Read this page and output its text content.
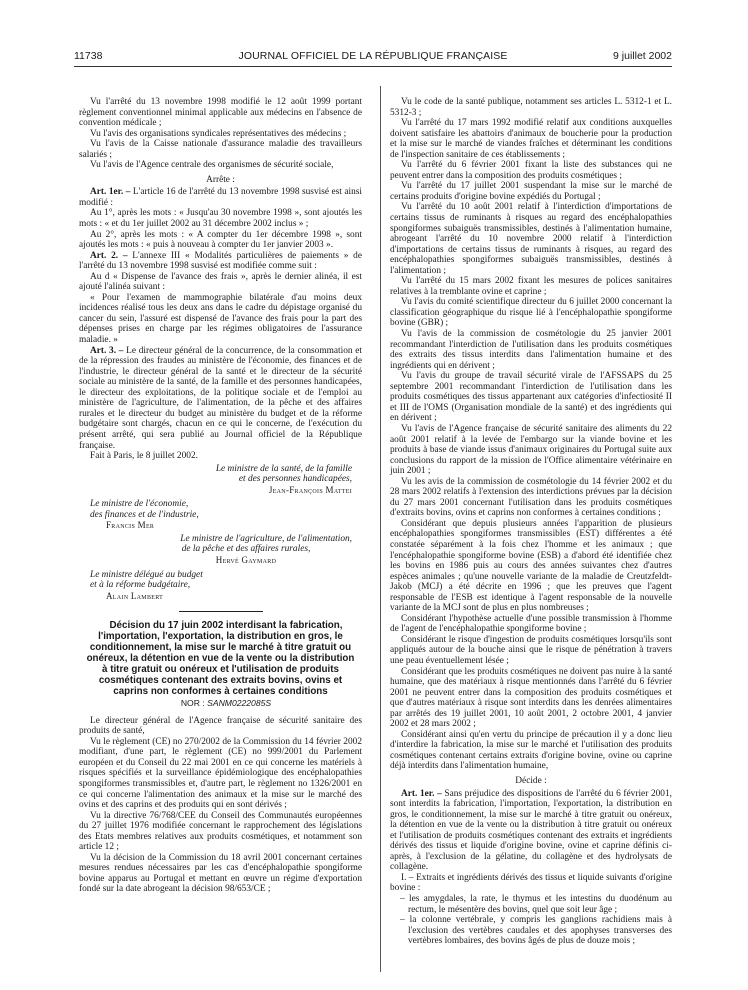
11738	JOURNAL OFFICIEL DE LA RÉPUBLIQUE FRANÇAISE	9 juillet 2002

Vu l'arrêté du 13 novembre 1998 modifié le 12 août 1999 portant règlement conventionnel minimal applicable aux médecins en l'absence de convention médicale ;

Vu l'avis des organisations syndicales représentatives des médecins ;

Vu l'avis de la Caisse nationale d'assurance maladie des travailleurs salariés ;

Vu l'avis de l'Agence centrale des organismes de sécurité sociale,

Arrête :

Art. 1er. – L'article 16 de l'arrêté du 13 novembre 1998 susvisé est ainsi modifié :

Au 1°, après les mots : « Jusqu'au 30 novembre 1998 », sont ajoutés les mots : « et du 1er juillet 2002 au 31 décembre 2002 inclus » ;

Au 2°, après les mots : « A compter du 1er décembre 1998 », sont ajoutés les mots : « puis à nouveau à compter du 1er janvier 2003 ».

Art. 2. – L'annexe III « Modalités particulières de paiements » de l'arrêté du 13 novembre 1998 susvisé est modifiée comme suit :

Au d « Dispense de l'avance des frais », après le dernier alinéa, il est ajouté l'alinéa suivant :

« Pour l'examen de mammographie bilatérale d'au moins deux incidences réalisé tous les deux ans dans le cadre du dépistage organisé du cancer du sein, l'assuré est dispensé de l'avance des frais pour la part des dépenses prises en charge par les régimes obligatoires de l'assurance maladie. »

Art. 3. – Le directeur général de la concurrence, de la consommation et de la répression des fraudes au ministère de l'économie, des finances et de l'industrie, le directeur général de la santé et le directeur de la sécurité sociale au ministère de la santé, de la famille et des personnes handicapées, le directeur des exploitations, de la politique sociale et de l'emploi au ministère de l'agriculture, de l'alimentation, de la pêche et des affaires rurales et le directeur du budget au ministère du budget et de la réforme budgétaire sont chargés, chacun en ce qui le concerne, de l'exécution du présent arrêté, qui sera publié au Journal officiel de la République française.

Fait à Paris, le 8 juillet 2002.

Le ministre de la santé, de la famille

et des personnes handicapées,

Jean-François Mattei

Le ministre de l'économie,

des finances et de l'industrie,

Francis Mer

Le ministre de l'agriculture, de l'alimentation,

de la pêche et des affaires rurales,

Hervé Gaymard

Le ministre délégué au budget

et à la réforme budgétaire,

Alain Lambert

Décision du 17 juin 2002 interdisant la fabrication, l'importation, l'exportation, la distribution en gros, le conditionnement, la mise sur le marché à titre gratuit ou onéreux, la détention en vue de la vente ou la distribution à titre gratuit ou onéreux et l'utilisation de produits cosmétiques contenant des extraits bovins, ovins et caprins non conformes à certaines conditions

NOR : SANM0222085S

Le directeur général de l'Agence française de sécurité sanitaire des produits de santé,

Vu le règlement (CE) no 270/2002 de la Commission du 14 février 2002 modifiant, d'une part, le règlement (CE) no 999/2001 du Parlement européen et du Conseil du 22 mai 2001 en ce qui concerne les matériels à risques spécifiés et la surveillance épidémiologique des encéphalopathies spongiformes transmissibles et, d'autre part, le règlement no 1326/2001 en ce qui concerne l'alimentation des animaux et la mise sur le marché des ovins et des caprins et des produits qui en sont dérivés ;

Vu la directive 76/768/CEE du Conseil des Communautés européennes du 27 juillet 1976 modifiée concernant le rapprochement des législations des Etats membres relatives aux produits cosmétiques, et notamment son article 12 ;

Vu la décision de la Commission du 18 avril 2001 concernant certaines mesures rendues nécessaires par les cas d'encéphalopathie spongiforme bovine apparus au Portugal et mettant en œuvre un régime d'exportation fondé sur la date abrogeant la décision 98/653/CE ;

Vu le code de la santé publique, notamment ses articles L. 5312-1 et L. 5312-3 ;

Vu l'arrêté du 17 mars 1992 modifié relatif aux conditions auxquelles doivent satisfaire les abattoirs d'animaux de boucherie pour la production et la mise sur le marché de viandes fraîches et déterminant les conditions de l'inspection sanitaire de ces établissements ;

Vu l'arrêté du 6 février 2001 fixant la liste des substances qui ne peuvent entrer dans la composition des produits cosmétiques ;

Vu l'arrêté du 17 juillet 2001 suspendant la mise sur le marché de certains produits d'origine bovine expédiés du Portugal ;

Vu l'arrêté du 10 août 2001 relatif à l'interdiction d'importations de certains tissus de ruminants à risques au regard des encéphalopathies spongiformes subaiguës transmissibles, destinés à l'alimentation humaine, abrogeant l'arrêté du 10 novembre 2000 relatif à l'interdiction d'importations de certains tissus de ruminants à risques, au regard des encéphalopathies spongiformes subaiguës transmissibles, destinés à l'alimentation ;

Vu l'arrêté du 15 mars 2002 fixant les mesures de polices sanitaires relatives à la tremblante ovine et caprine ;

Vu l'avis du comité scientifique directeur du 6 juillet 2000 concernant la classification géographique du risque lié à l'encéphalopathie spongiforme bovine (GBR) ;

Vu l'avis de la commission de cosmétologie du 25 janvier 2001 recommandant l'interdiction de l'utilisation dans les produits cosmétiques des extraits des tissus interdits dans l'alimentation humaine et des ingrédients qui en dérivent ;

Vu l'avis du groupe de travail sécurité virale de l'AFSSAPS du 25 septembre 2001 recommandant l'interdiction de l'utilisation dans les produits cosmétiques des tissus appartenant aux catégories d'infectiosité II et III de l'OMS (Organisation mondiale de la santé) et des ingrédients qui en dérivent ;

Vu l'avis de l'Agence française de sécurité sanitaire des aliments du 22 août 2001 relatif à la levée de l'embargo sur la viande bovine et les produits à base de viande issus d'animaux originaires du Portugal suite aux conclusions du rapport de la mission de l'Office alimentaire vétérinaire en juin 2001 ;

Vu les avis de la commission de cosmétologie du 14 février 2002 et du 28 mars 2002 relatifs à l'extension des interdictions prévues par la décision du 27 mars 2001 concernant l'utilisation dans les produits cosmétiques d'extraits bovins, ovins et caprins non conformes à certaines conditions ;

Considérant que depuis plusieurs années l'apparition de plusieurs encéphalopathies spongiformes transmissibles (EST) différentes a été constatée séparément à la fois chez l'homme et les animaux ; que l'encéphalopathie spongiforme bovine (ESB) a d'abord été identifiée chez les bovins en 1986 puis au cours des années suivantes chez d'autres espèces animales ; qu'une nouvelle variante de la maladie de Creutzfeldt-Jakob (MCJ) a été décrite en 1996 ; que les preuves que l'agent responsable de l'ESB est identique à l'agent responsable de la nouvelle variante de la MCJ sont de plus en plus nombreuses ;

Considérant l'hypothèse actuelle d'une possible transmission à l'homme de l'agent de l'encéphalopathie spongiforme bovine ;

Considérant le risque d'ingestion de produits cosmétiques lorsqu'ils sont appliqués autour de la bouche ainsi que le risque de pénétration à travers une peau éventuellement lésée ;

Considérant que les produits cosmétiques ne doivent pas nuire à la santé humaine, que des matériaux à risque mentionnés dans l'arrêté du 6 février 2001 ne peuvent entrer dans la composition des produits cosmétiques et que d'autres matériaux à risque sont interdits dans les denrées alimentaires par arrêtés des 19 juillet 2001, 10 août 2001, 2 octobre 2001, 4 janvier 2002 et 28 mars 2002 ;

Considérant ainsi qu'en vertu du principe de précaution il y a donc lieu d'interdire la fabrication, la mise sur le marché et l'utilisation des produits cosmétiques contenant certains extraits d'origine bovine, ovine ou caprine déjà interdits dans l'alimentation humaine,

Décide :

Art. 1er. – Sans préjudice des dispositions de l'arrêté du 6 février 2001, sont interdits la fabrication, l'importation, l'exportation, la distribution en gros, le conditionnement, la mise sur le marché à titre gratuit ou onéreux, la détention en vue de la vente ou la distribution à titre gratuit ou onéreux et l'utilisation de produits cosmétiques contenant des extraits et ingrédients dérivés des tissus et liquide d'origine bovine, ovine et caprine définis ci-après, à l'exclusion de la gélatine, du collagène et des hydrolysats de collagène.

I. – Extraits et ingrédients dérivés des tissus et liquide suivants d'origine bovine :

– les amygdales, la rate, le thymus et les intestins du duodénum au rectum, le mésentère des bovins, quel que soit leur âge ;
– la colonne vertébrale, y compris les ganglions rachidiens mais à l'exclusion des vertèbres caudales et des apophyses transverses des vertèbres lombaires, des bovins âgés de plus de douze mois ;
